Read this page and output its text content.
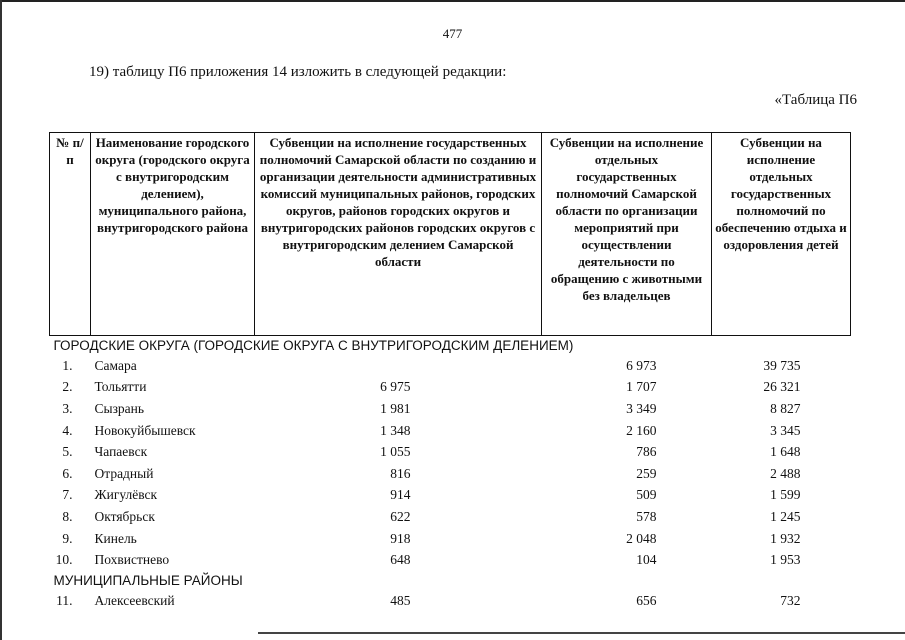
477
19) таблицу П6 приложения 14 изложить в следующей редакции:
«Таблица П6
№ п/п	Наименование городского округа (городского округа с внутригородским делением), муниципального района, внутригородского района	Субвенции на исполнение государственных полномочий Самарской области по созданию и организации деятельности административных комиссий муниципальных районов, городских округов, районов городских округов и внутригородских районов городских округов с внутригородским делением Самарской области	Субвенции на исполнение отдельных государственных полномочий Самарской области по организации мероприятий при осуществлении деятельности по обращению с животными без владельцев	Субвенции на исполнение отдельных государственных полномочий по обеспечению отдыха и оздоровления детей
ГОРОДСКИЕ ОКРУГА (ГОРОДСКИЕ ОКРУГА С ВНУТРИГОРОДСКИМ ДЕЛЕНИЕМ)				
1.	Самара		6 973	39 735
2.	Тольятти	6 975	1 707	26 321
3.	Сызрань	1 981	3 349	8 827
4.	Новокуйбышевск	1 348	2 160	3 345
5.	Чапаевск	1 055	786	1 648
6.	Отрадный	816	259	2 488
7.	Жигулёвск	914	509	1 599
8.	Октябрьск	622	578	1 245
9.	Кинель	918	2 048	1 932
10.	Похвистнево	648	104	1 953
МУНИЦИПАЛЬНЫЕ РАЙОНЫ				
11.	Алексеевский	485	656	732
